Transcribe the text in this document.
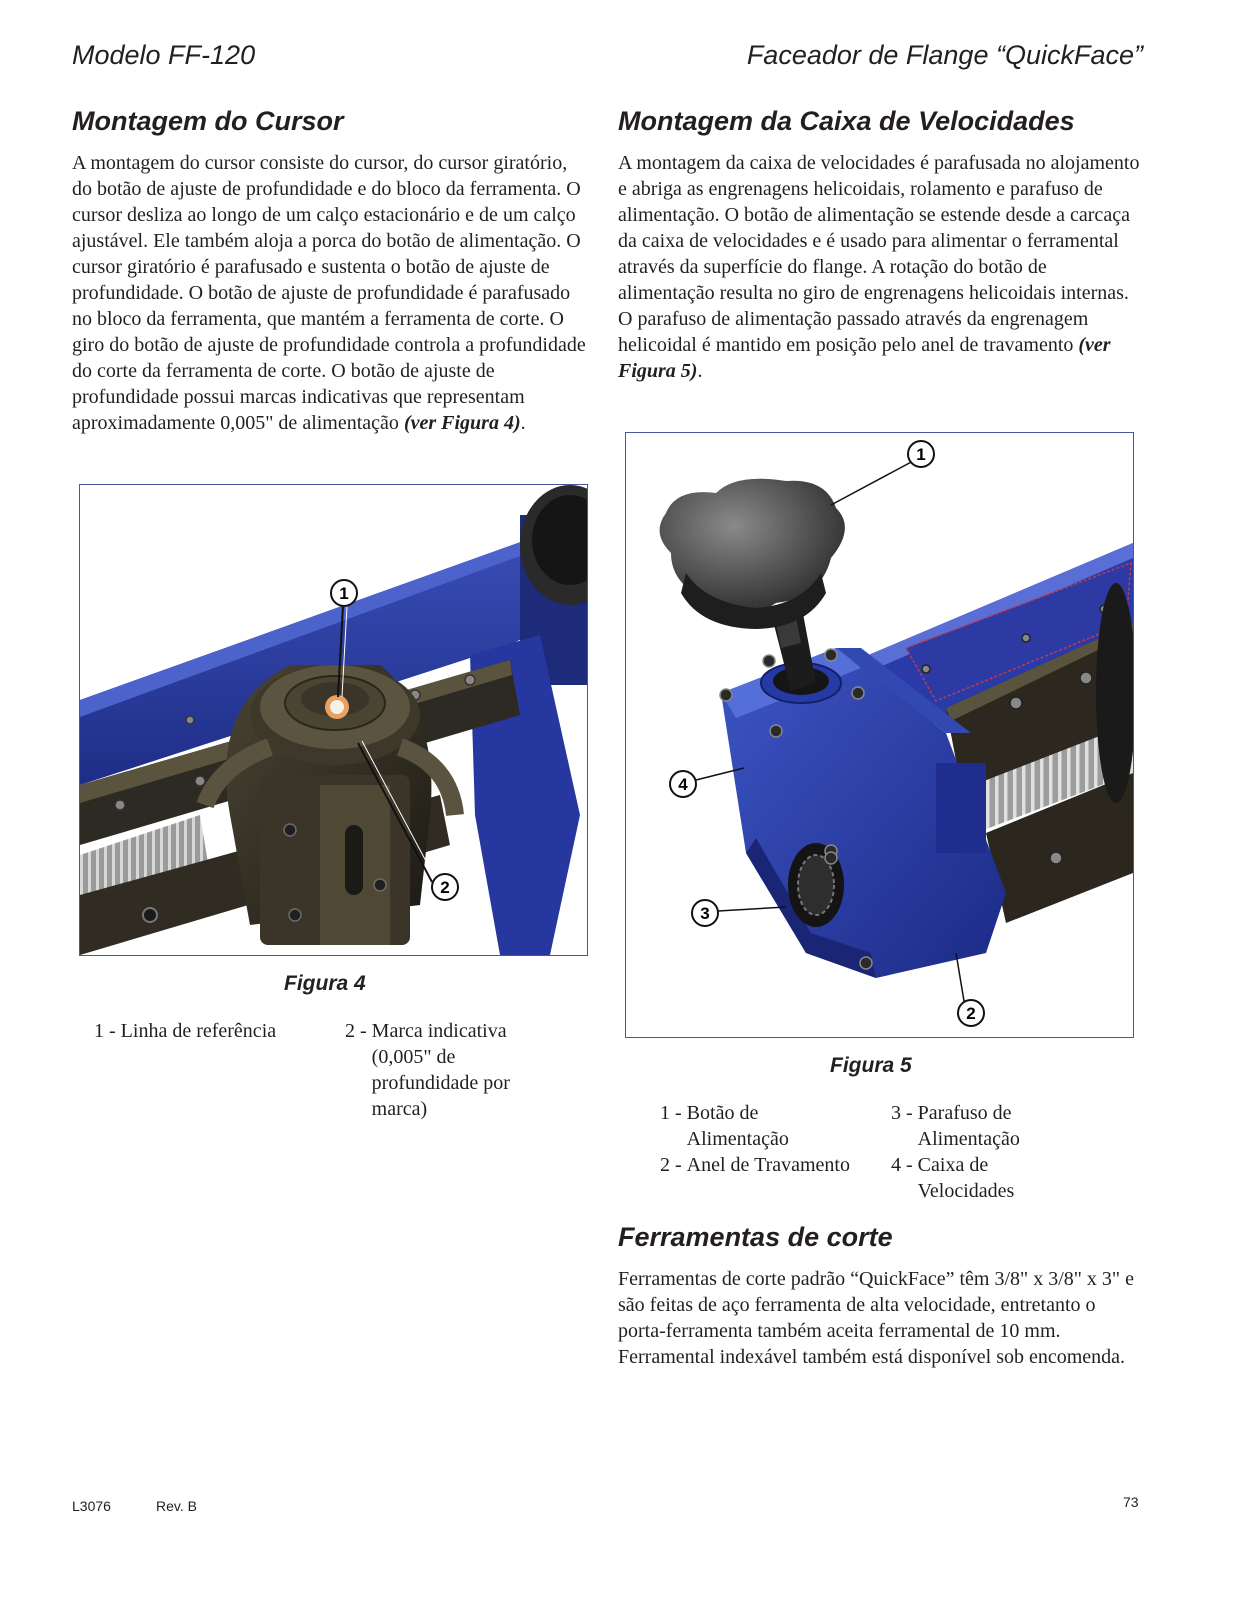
Modelo FF-120	Faceador de Flange “QuickFace”
Montagem do Cursor

A montagem do cursor consiste do cursor, do cursor giratório, do botão de ajuste de profundidade e do bloco da ferramenta. O cursor desliza ao longo de um calço estacionário e de um calço ajustável. Ele também aloja a porca do botão de alimentação. O cursor giratório é parafusado e sustenta o botão de ajuste de profundidade. O botão de ajuste de profundidade é parafusado no bloco da ferramenta, que mantém a ferramenta de corte. O giro do botão de ajuste de profundidade controla a profundidade do corte da ferramenta de corte. O botão de ajuste de profundidade possui marcas indicativas que representam aproximadamente 0,005" de alimentação (ver Figura 4).

1
2
Figura 4
1 - Linha de referência	2 - Marca indicativa (0,005" de profundidade por marca)
Montagem da Caixa de Velocidades

A montagem da caixa de velocidades é parafusada no alojamento e abriga as engrenagens helicoidais, rolamento e parafuso de alimentação. O botão de alimentação se estende desde a carcaça da caixa de velocidades e é usado para alimentar o ferramental através da superfície do flange. A rotação do botão de alimentação resulta no giro de engrenagens helicoidais internas. O parafuso de alimentação passado através da engrenagem helicoidal é mantido em posição pelo anel de travamento (ver Figura 5).

1
2
3
4
Figura 5
1 - Botão de Alimentação
2 - Anel de Travamento
3 - Parafuso de Alimentação
4 - Caixa de Velocidades
Ferramentas de corte

Ferramentas de corte padrão “QuickFace” têm 3/8" x 3/8" x 3" e são feitas de aço ferramenta de alta velocidade, entretanto o porta-ferramenta também aceita ferramental de 10 mm. Ferramental indexável também está disponível sob encomenda.

L3076	Rev. B	73
